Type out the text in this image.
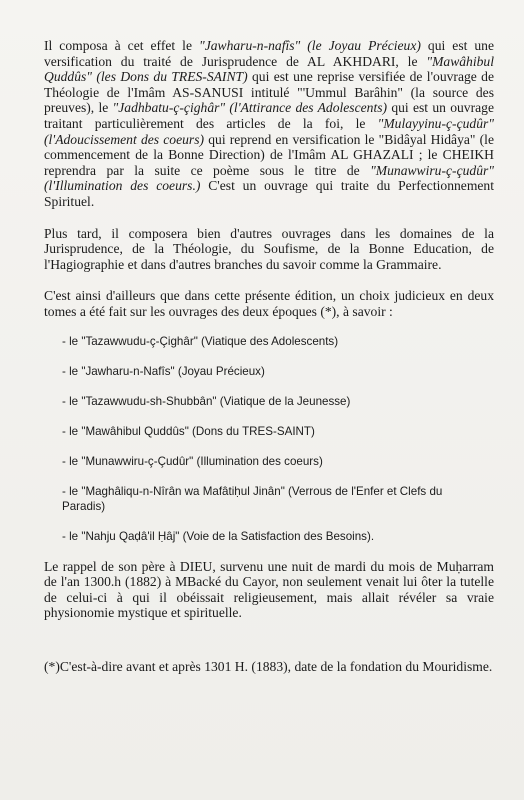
Il composa à cet effet le "Jawharu-n-nafîs" (le Joyau Précieux) qui est une versification du traité de Jurisprudence de AL AKHDARI, le "Mawâhibul Quddûs" (les Dons du TRES-SAINT) qui est une reprise versifiée de l'ouvrage de Théologie de l'Imâm AS-SANUSI intitulé "'Ummul Barâhin" (la source des preuves), le "Jadhbatu-ç-çighâr" (l'Attirance des Adolescents) qui est un ouvrage traitant particulièrement des articles de la foi, le "Mulayyinu-ç-çudûr" (l'Adoucissement des coeurs) qui reprend en versification le "Bidâyal Hidâya" (le commencement de la Bonne Direction) de l'Imâm AL GHAZALI ; le CHEIKH reprendra par la suite ce poème sous le titre de "Munawwiru-ç-çudûr" (l'Illumination des coeurs.) C'est un ouvrage qui traite du Perfectionnement Spirituel.

Plus tard, il composera bien d'autres ouvrages dans les domaines de la Jurisprudence, de la Théologie, du Soufisme, de la Bonne Education, de l'Hagiographie et dans d'autres branches du savoir comme la Grammaire.

C'est ainsi d'ailleurs que dans cette présente édition, un choix judicieux en deux tomes a été fait sur les ouvrages des deux époques (*), à savoir :

- le "Tazawwudu-ç-Çighâr" (Viatique des Adolescents)
- le "Jawharu-n-Nafîs" (Joyau Précieux)
- le "Tazawwudu-sh-Shubbân" (Viatique de la Jeunesse)
- le "Mawâhibul Quddûs" (Dons du TRES-SAINT)
- le "Munawwiru-ç-Çudûr" (Illumination des coeurs)
- le "Maghâliqu-n-Nîrân wa Mafâtiḥul Jinân" (Verrous de l'Enfer et Clefs du Paradis)
- le "Nahju Qaḍâ'il Ḥâj" (Voie de la Satisfaction des Besoins).

Le rappel de son père à DIEU, survenu une nuit de mardi du mois de Muḥarram de l'an 1300.h (1882) à MBacké du Cayor, non seulement venait lui ôter la tutelle de celui-ci à qui il obéissait religieusement, mais allait révéler sa vraie physionomie mystique et spirituelle.

(*)C'est-à-dire avant et après 1301 H. (1883), date de la fondation du Mouridisme.
